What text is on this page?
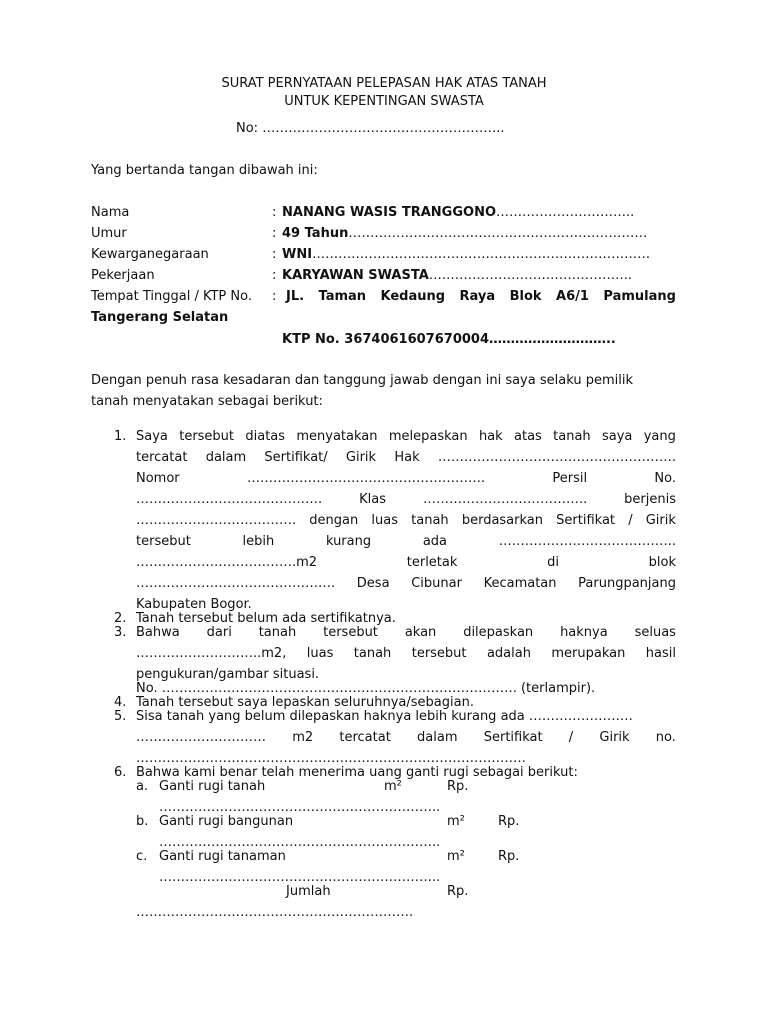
SURAT PERNYATAAN PELEPASAN HAK ATAS TANAH
UNTUK KEPENTINGAN SWASTA
No: ………………………………………………..
Yang bertanda tangan dibawah ini:
Nama	: NANANG WASIS TRANGGONO…………………………..
Umur	: 49 Tahun……………………………………………………………
Kewarganegaraan	: WNI……………………………………………………………………
Pekerjaan	: KARYAWAN SWASTA………………………………………..
Tempat Tinggal / KTP No. : JL. Taman Kedaung Raya Blok A6/1 Pamulang
Tangerang Selatan
KTP No. 3674061607670004………………………..
Dengan penuh rasa kesadaran dan tanggung jawab dengan ini saya selaku pemilik
tanah menyatakan sebagai berikut:
1. Saya tersebut diatas menyatakan melepaskan hak atas tanah saya yang
tercatat dalam Sertifikat/ Girik Hak ……………………………………………….
Nomor	……………………………………………….	Persil	No.
…………………………………….	Klas	………………………………..	berjenis
………………………………. dengan luas tanah berdasarkan Sertifikat / Girik
tersebut	lebih	kurang	ada	…………………………………..
……………………………….m2	terletak	di	blok
………………………………………. Desa Cibunar Kecamatan Parungpanjang
Kabupaten Bogor.
2. Tanah tersebut belum ada sertifikatnya.
3. Bahwa dari tanah tersebut akan dilepaskan haknya seluas
………………………..m2, luas tanah tersebut adalah merupakan hasil
pengukuran/gambar situasi.
No. ………………………………………………………………………. (terlampir).
4. Tanah tersebut saya lepaskan seluruhnya/sebagian.
5. Sisa tanah yang belum dilepaskan haknya lebih kurang ada ……………………
………………………… m2 tercatat dalam Sertifikat / Girik no.
………………………………………………………………………………
6. Bahwa kami benar telah menerima uang ganti rugi sebagai berikut:
a. Ganti rugi tanah	m²	Rp.
………………………………………………………..
b. Ganti rugi bangunan	m²	Rp.
………………………………………………………..
c. Ganti rugi tanaman	m²	Rp.
………………………………………………………..
Jumlah	Rp.
……………………………………………………….
